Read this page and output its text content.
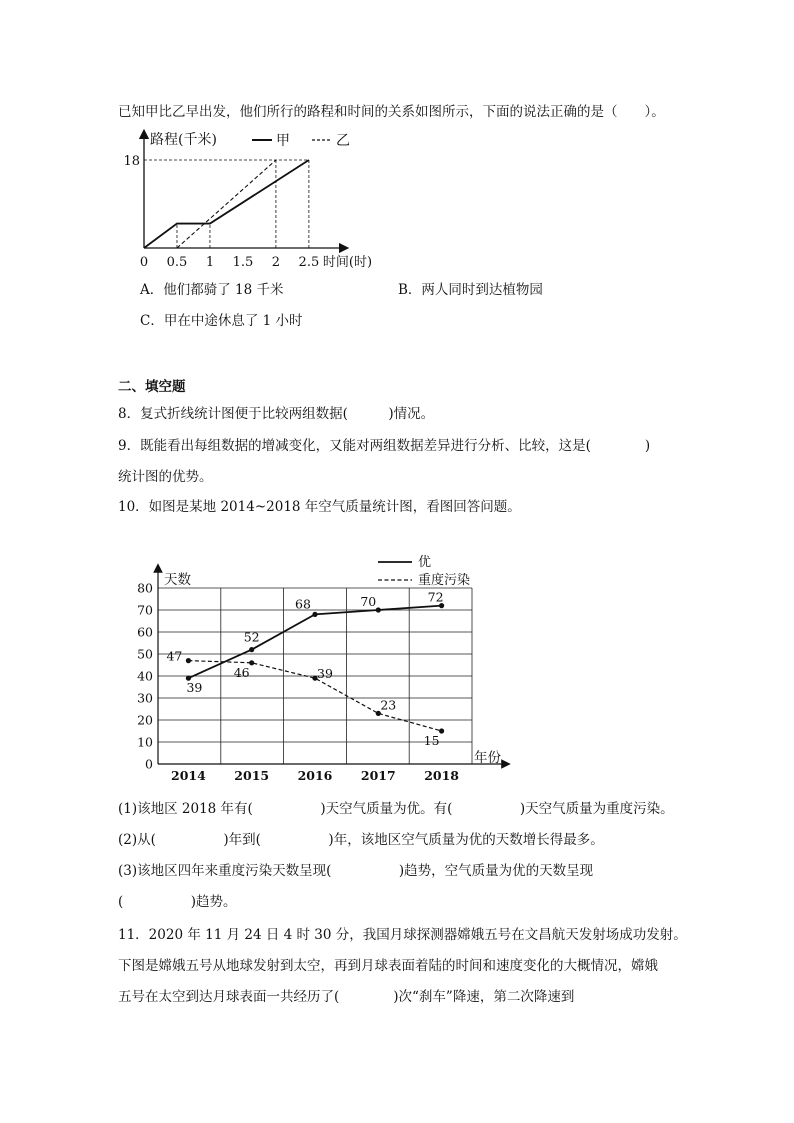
已知甲比乙早出发，他们所行的路程和时间的关系如图所示，下面的说法正确的是（　　）。
0 0.5 1 1.5 2 2.5
18
路程(千米)
时间(时)
甲	乙
A．他们都骑了 18 千米	B．两人同时到达植物园
C．甲在中途休息了 1 小时
二、填空题
8．复式折线统计图便于比较两组数据(　　　)情况。
9．既能看出每组数据的增减变化，又能对两组数据差异进行分析、比较，这是(　　　　)
统计图的优势。
10．如图是某地 2014~2018 年空气质量统计图，看图回答问题。
0
10
20
30
40
50
60
70
80
2014 2015 2016 2017 2018
天数
年份
39
52
68	70	72
47
46	39
23
15
优
重度污染
(1)该地区 2018 年有(　　　　　)天空气质量为优。有(　　　　　)天空气质量为重度污染。
(2)从(　　　　　)年到(　　　　　)年，该地区空气质量为优的天数增长得最多。
(3)该地区四年来重度污染天数呈现(　　　　　)趋势，空气质量为优的天数呈现
(　　　　　)趋势。
11．2020 年 11 月 24 日 4 时 30 分，我国月球探测器嫦娥五号在文昌航天发射场成功发射。
下图是嫦娥五号从地球发射到太空，再到月球表面着陆的时间和速度变化的大概情况，嫦娥
五号在太空到达月球表面一共经历了(　　　　)次“刹车”降速，第二次降速到
